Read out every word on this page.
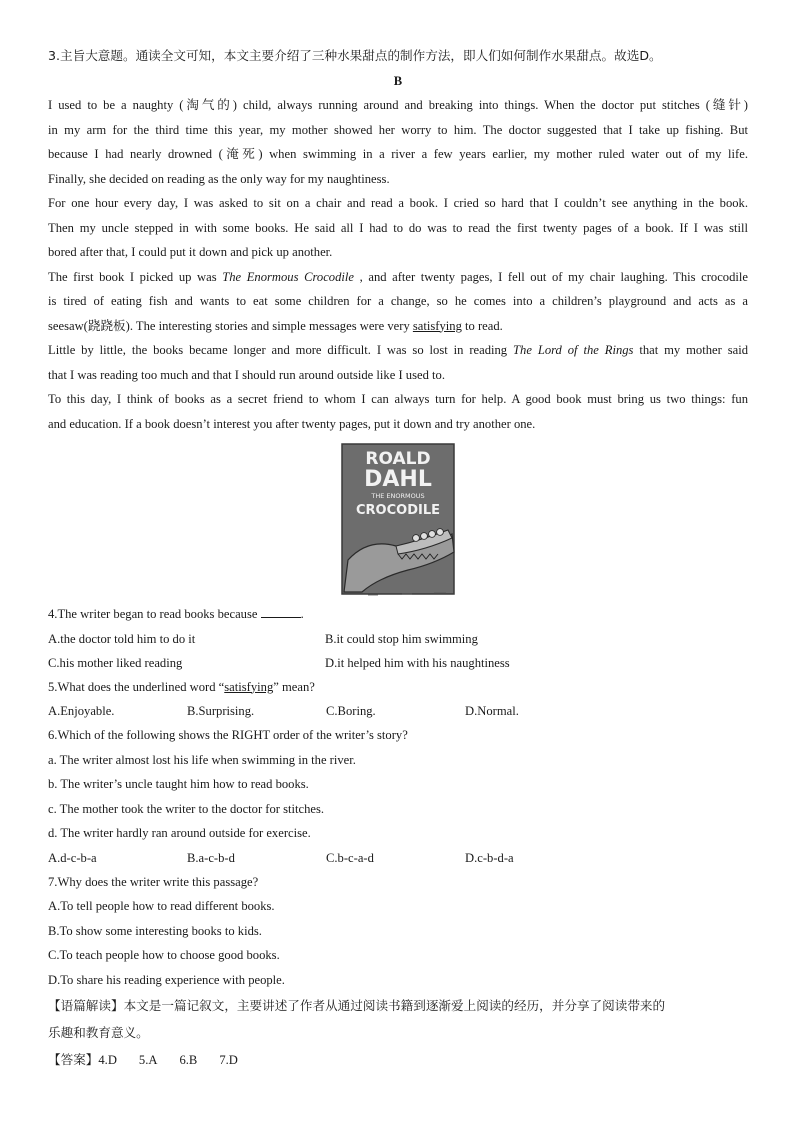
3.主旨大意题。通读全文可知，本文主要介绍了三种水果甜点的制作方法，即人们如何制作水果甜点。故选D。
B
I used to be a naughty (淘气的) child, always running around and breaking into things. When the doctor put stitches (缝针)
in my arm for the third time this year, my mother showed her worry to him. The doctor suggested that I take up fishing. But
because I had nearly drowned (淹死) when swimming in a river a few years earlier, my mother ruled water out of my life.
Finally, she decided on reading as the only way for my naughtiness.
For one hour every day, I was asked to sit on a chair and read a book. I cried so hard that I couldn’t see anything in the book.
Then my uncle stepped in with some books. He said all I had to do was to read the first twenty pages of a book. If I was still
bored after that, I could put it down and pick up another.
The first book I picked up was The Enormous Crocodile , and after twenty pages, I fell out of my chair laughing. This crocodile
is tired of eating fish and wants to eat some children for a change, so he comes into a children’s playground and acts as a
seesaw(跷跷板). The interesting stories and simple messages were very satisfying to read.
Little by little, the books became longer and more difficult. I was so lost in reading The Lord of the Rings that my mother said
that I was reading too much and that I should run around outside like I used to.
To this day, I think of books as a secret friend to whom I can always turn for help. A good book must bring us two things: fun
and education. If a book doesn’t interest you after twenty pages, put it down and try another one.
ROALD
DAHL
THE ENORMOUS
CROCODILE
4.The writer began to read books because	.
A.the doctor told him to do it	B.it could stop him swimming
C.his mother liked reading	D.it helped him with his naughtiness
5.What does the underlined word “satisfying” mean?
A.Enjoyable.	B.Surprising.	C.Boring.	D.Normal.
6.Which of the following shows the RIGHT order of the writer’s story?
a. The writer almost lost his life when swimming in the river.
b. The writer’s uncle taught him how to read books.
c. The mother took the writer to the doctor for stitches.
d. The writer hardly ran around outside for exercise.
A.d-c-b-a	B.a-c-b-d	C.b-c-a-d	D.c-b-d-a
7.Why does the writer write this passage?
A.To tell people how to read different books.
B.To show some interesting books to kids.
C.To teach people how to choose good books.
D.To share his reading experience with people.
【语篇解读】本文是一篇记叙文，主要讲述了作者从通过阅读书籍到逐渐爱上阅读的经历，并分享了阅读带来的
乐趣和教育意义。
【答案】4.D 5.A 6.B 7.D
